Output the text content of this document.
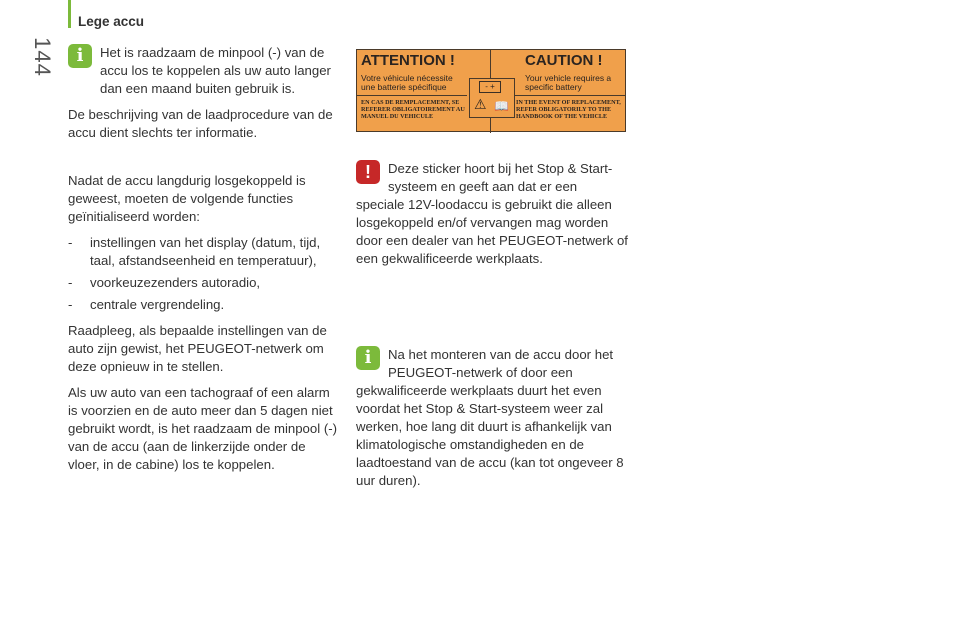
Lege accu
144	i	Het is raadzaam de minpool (-) van de accu los te koppelen als uw auto langer dan een maand buiten gebruik is.

De beschrijving van de laadprocedure van de accu dient slechts ter informatie.

Nadat de accu langdurig losgekoppeld is geweest, moeten de volgende functies geïnitialiseerd worden:

- instellingen van het display (datum, tijd, taal, afstandseenheid en temperatuur),
- voorkeuzezenders autoradio,
- centrale vergrendeling.

Raadpleeg, als bepaalde instellingen van de auto zijn gewist, het PEUGEOT-netwerk om deze opnieuw in te stellen.

Als uw auto van een tachograaf of een alarm is voorzien en de auto meer dan 5 dagen niet gebruikt wordt, is het raadzaam de minpool (-) van de accu (aan de linkerzijde onder de vloer, in de cabine) los te koppelen.

ATTENTION !	CAUTION !
Votre véhicule nécessite une batterie spécifique
Your vehicle requires a specific battery
EN CAS DE REMPLACEMENT, SE REFERER OBLIGATOIREMENT AU MANUEL DU VEHICULE
IN THE EVENT OF REPLACEMENT, REFER OBLIGATORILY TO THE HANDBOOK OF THE VEHICLE
- +
⚠ 📖

!	Deze sticker hoort bij het Stop & Start-systeem en geeft aan dat er een speciale 12V-loodaccu is gebruikt die alleen losgekoppeld en/of vervangen mag worden door een dealer van het PEUGEOT-netwerk of een gekwalificeerde werkplaats.

i	Na het monteren van de accu door het PEUGEOT-netwerk of door een gekwalificeerde werkplaats duurt het even voordat het Stop & Start-systeem weer zal werken, hoe lang dit duurt is afhankelijk van klimatologische omstandigheden en de laadtoestand van de accu (kan tot ongeveer 8 uur duren).
